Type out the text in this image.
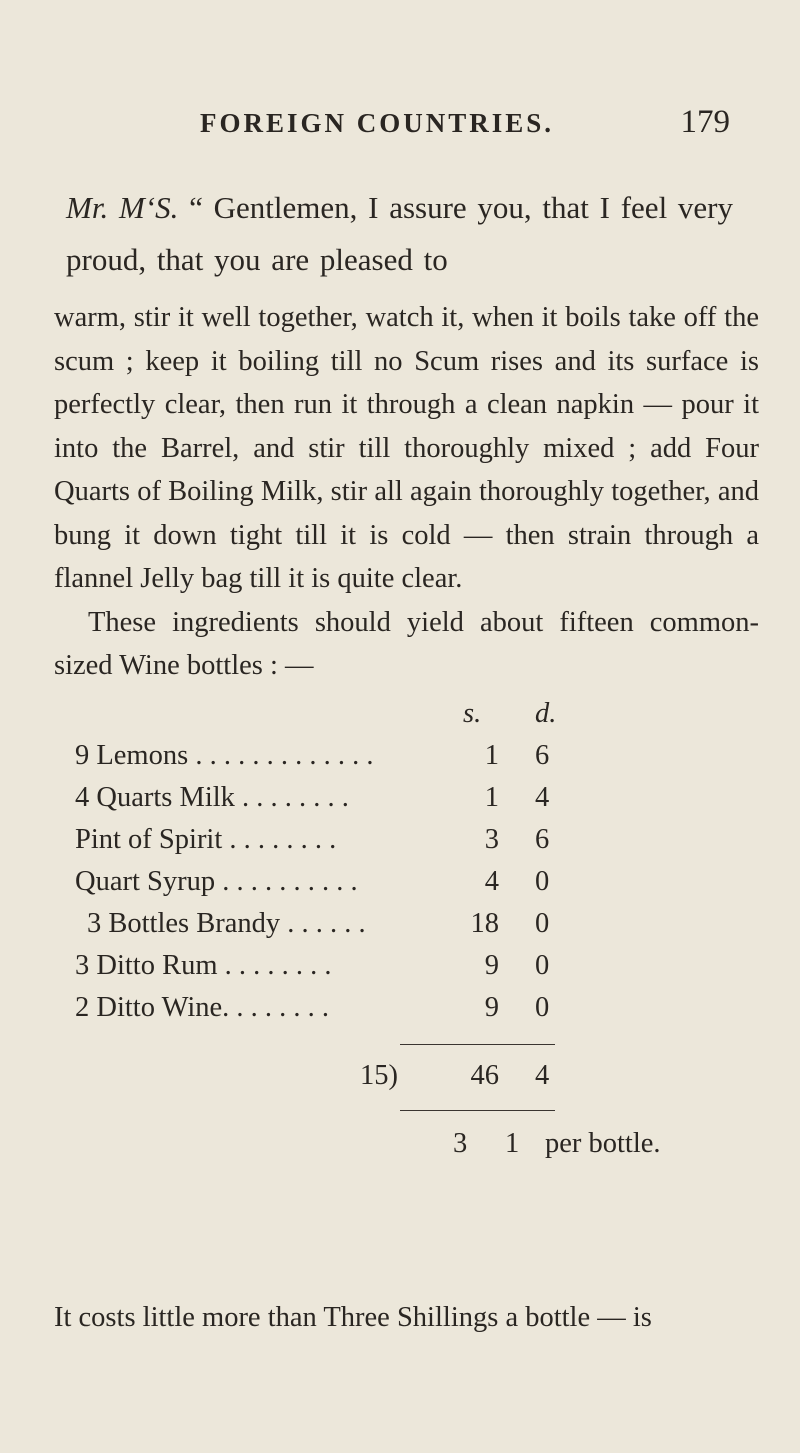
FOREIGN COUNTRIES.	179
Mr. M‘S. “ Gentlemen, I assure you, that I feel very proud, that you are pleased to

warm, stir it well together, watch it, when it boils take off the scum ; keep it boiling till no Scum rises and its surface is perfectly clear, then run it through a clean napkin — pour it into the Barrel, and stir till thoroughly mixed ; add Four Quarts of Boiling Milk, stir all again thoroughly together, and bung it down tight till it is cold — then strain through a flannel Jelly bag till it is quite clear.

These ingredients should yield about fifteen common-sized Wine bottles : —

s. d.
9 Lemons . . . . . . . . . . . . .	1 6
4 Quarts Milk . . . . . . . .	1 4
Pint of Spirit . . . . . . . .	3 6
Quart Syrup . . . . . . . . . .	4 0
3 Bottles Brandy . . . . . .	18 0
3 Ditto Rum . . . . . . . .	9 0
2 Ditto Wine. . . . . . . .	9 0
15)	46 4
3 1 per bottle.
It costs little more than Three Shillings a bottle — is
